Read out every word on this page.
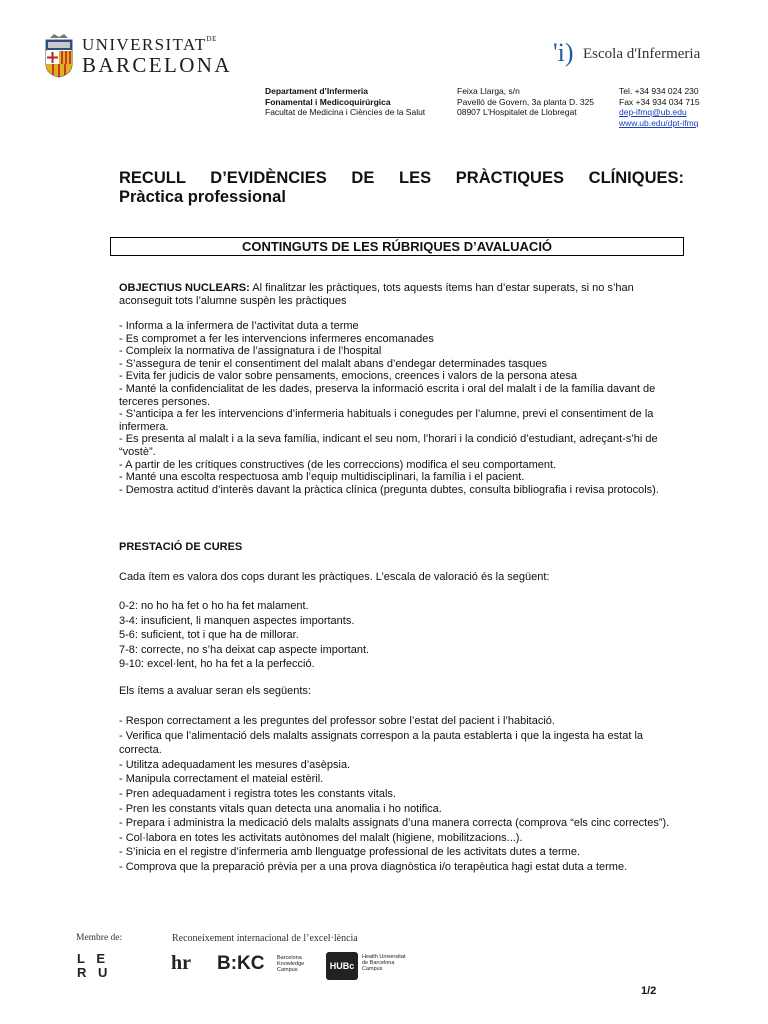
$UNIVERSITAT^{DE}$
BARCELONA	'i) Escola d'Infermeria
Departament d’Infermeria
Fonamental i Medicoquirúrgica
Facultat de Medicina i Ciències de la Salut
Feixa Llarga, s/n
Pavelló de Govern, 3a planta D. 325
08907 L’Hospitalet de Llobregat
Tel. +34 934 024 230
Fax +34 934 034 715
dep-ifmq@ub.edu
www.ub.edu/dpt-ifmq
RECULL D’EVIDÈNCIES DE LES PRÀCTIQUES CLÍNIQUES:
Pràctica professional
CONTINGUTS DE LES RÚBRIQUES D’AVALUACIÓ

OBJECTIUS NUCLEARS: Al finalitzar les pràctiques, tots aquests ítems han d’estar superats, si no s’han aconseguit tots l’alumne suspèn les pràctiques

- Informa a la infermera de l’activitat duta a terme
- Es compromet a fer les intervencions infermeres encomanades
- Compleix la normativa de l’assignatura i de l’hospital
- S’assegura de tenir el consentiment del malalt abans d’endegar determinades tasques
- Evita fer judicis de valor sobre pensaments, emocions, creences i valors de la persona atesa
- Manté la confidencialitat de les dades, preserva la informació escrita i oral del malalt i de la família davant de terceres persones.
- S’anticipa a fer les intervencions d’infermeria habituals i conegudes per l’alumne, previ el consentiment de la infermera.
- Es presenta al malalt i a la seva família, indicant el seu nom, l’horari i la condició d’estudiant, adreçant-s’hi de “vostè”.
- A partir de les crítiques constructives (de les correccions) modifica el seu comportament.
- Manté una escolta respectuosa amb l’equip multidisciplinari, la família i el pacient.
- Demostra actitud d’interès davant la pràctica clínica (pregunta dubtes, consulta bibliografia i revisa protocols).
PRESTACIÓ DE CURES
Cada ítem es valora dos cops durant les pràctiques. L’escala de valoració és la següent:
0-2: no ho ha fet o ho ha fet malament.
3-4: insuficient, li manquen aspectes importants.
5-6: suficient, tot i que ha de millorar.
7-8: correcte, no s’ha deixat cap aspecte important.
9-10: excel·lent, ho ha fet a la perfecció.
Els ítems a avaluar seran els següents:
- Respon correctament a les preguntes del professor sobre l’estat del pacient i l’habitació.
- Verifica que l’alimentació dels malalts assignats correspon a la pauta establerta i que la ingesta ha estat la correcta.
- Utilitza adequadament les mesures d’asèpsia.
- Manipula correctament el mateial estèril.
- Pren adequadament i registra totes les constants vitals.
- Pren les constants vitals quan detecta una anomalia i ho notifica.
- Prepara i administra la medicació dels malalts assignats d’una manera correcta (comprova “els cinc correctes”).
- Col·labora en totes les activitats autònomes del malalt (higiene, mobilitzacions...).
- S’inicia en el registre d’infermeria amb llenguatge professional de les activitats dutes a terme.
- Comprova que la preparació prèvia per a una prova diagnòstica i/o terapèutica hagi estat duta a terme.
Membre de:	Reconeixement internacional de l’excel·lència
L E
R U	hr B:KC Barcelona
Knowledge
Campus	HUBc
Health Universitat
de Barcelona
Campus
1/2
